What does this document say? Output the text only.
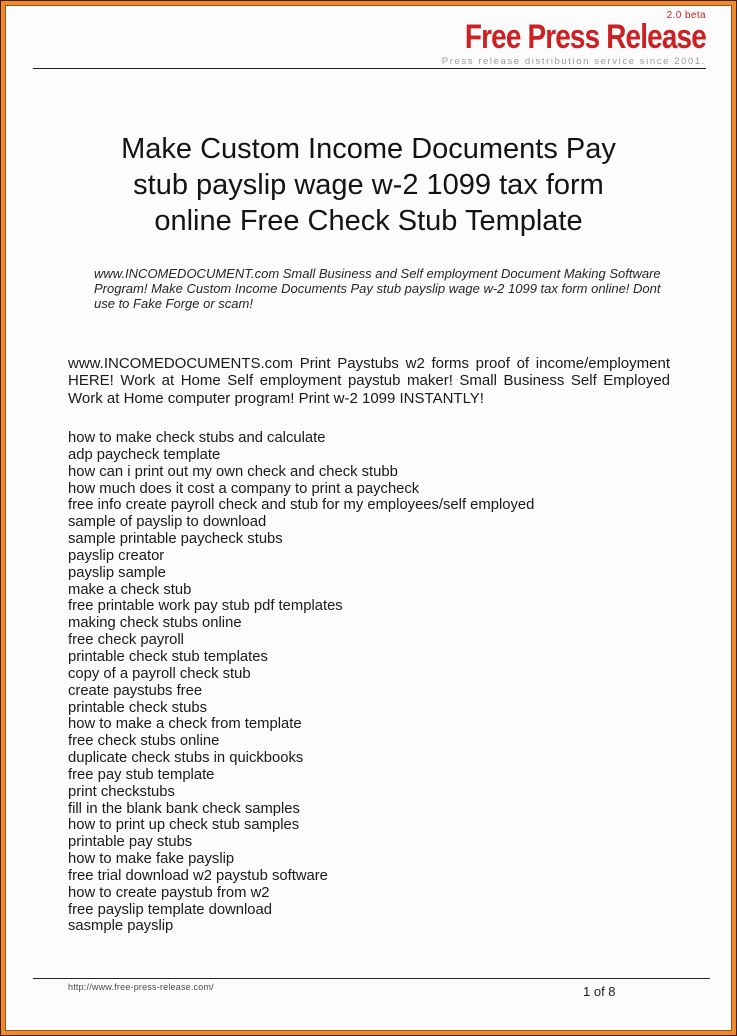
2.0 beta
Free Press Release
Press release distribution service since 2001.
Make Custom Income Documents Pay
stub payslip wage w-2 1099 tax form
online Free Check Stub Template
www.INCOMEDOCUMENT.com Small Business and Self employment Document Making Software
Program! Make Custom Income Documents Pay stub payslip wage w-2 1099 tax form online! Dont
use to Fake Forge or scam!
www.INCOMEDOCUMENTS.com Print Paystubs w2 forms proof of income/employment
HERE! Work at Home Self employment paystub maker! Small Business Self Employed
Work at Home computer program! Print w-2 1099 INSTANTLY!
how to make check stubs and calculate
adp paycheck template
how can i print out my own check and check stubb
how much does it cost a company to print a paycheck
free info create payroll check and stub for my employees/self employed
sample of payslip to download
sample printable paycheck stubs
payslip creator
payslip sample
make a check stub
free printable work pay stub pdf templates
making check stubs online
free check payroll
printable check stub templates
copy of a payroll check stub
create paystubs free
printable check stubs
how to make a check from template
free check stubs online
duplicate check stubs in quickbooks
free pay stub template
print checkstubs
fill in the blank bank check samples
how to print up check stub samples
printable pay stubs
how to make fake payslip
free trial download w2 paystub software
how to create paystub from w2
free payslip template download
sasmple payslip
http://www.free-press-release.com/	1 of 8
